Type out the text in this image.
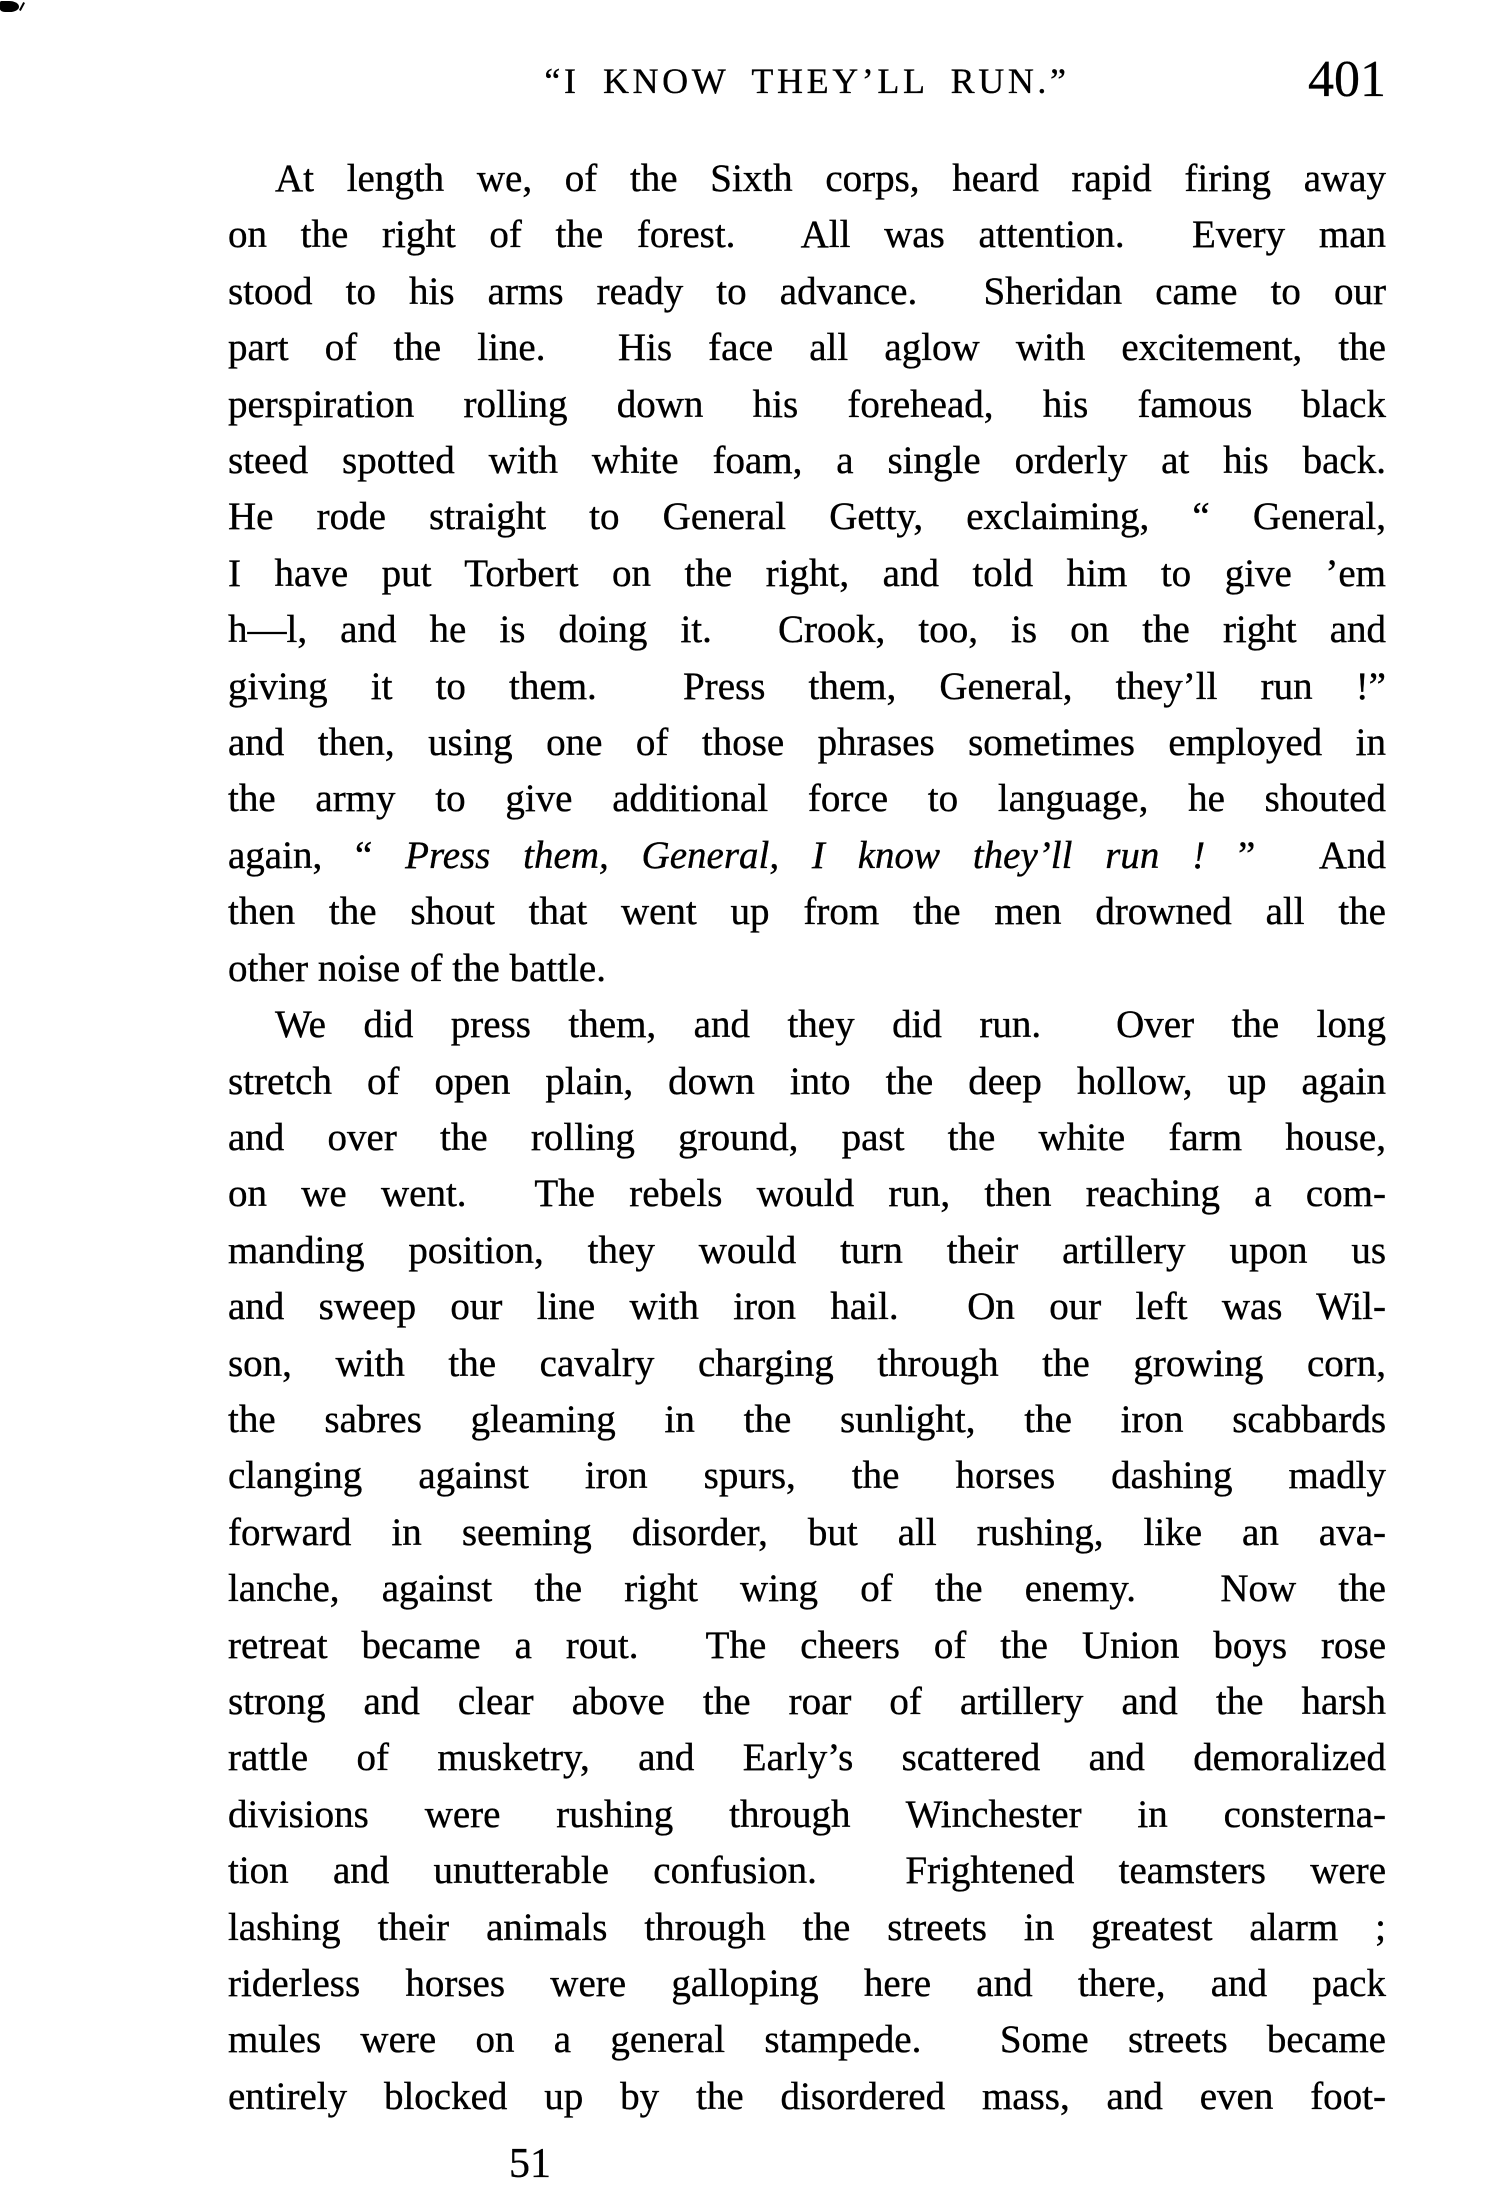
“I KNOW THEY’LL RUN.”	401
At length we, of the Sixth corps, heard rapid firing away
on the right of the forest.  All was attention.  Every man
stood to his arms ready to advance.  Sheridan came to our
part of the line.  His face all aglow with excitement, the
perspiration rolling down his forehead, his famous black
steed spotted with white foam, a single orderly at his back.
He rode straight to General Getty, exclaiming, “ General,
I have put Torbert on the right, and told him to give ’em
h—l, and he is doing it.  Crook, too, is on the right and
giving it to them.  Press them, General, they’ll run !”
and then, using one of those phrases sometimes employed in
the army to give additional force to language, he shouted
again, “ Press them, General, I know they’ll run ! ”  And
then the shout that went up from the men drowned all the
other noise of the battle.
We did press them, and they did run.  Over the long
stretch of open plain, down into the deep hollow, up again
and over the rolling ground, past the white farm house,
on we went.  The rebels would run, then reaching a com-
manding position, they would turn their artillery upon us
and sweep our line with iron hail.  On our left was Wil-
son, with the cavalry charging through the growing corn,
the sabres gleaming in the sunlight, the iron scabbards
clanging against iron spurs, the horses dashing madly
forward in seeming disorder, but all rushing, like an ava-
lanche, against the right wing of the enemy.  Now the
retreat became a rout.  The cheers of the Union boys rose
strong and clear above the roar of artillery and the harsh
rattle of musketry, and Early’s scattered and demoralized
divisions were rushing through Winchester in consterna-
tion and unutterable confusion.  Frightened teamsters were
lashing their animals through the streets in greatest alarm ;
riderless horses were galloping here and there, and pack
mules were on a general stampede.  Some streets became
entirely blocked up by the disordered mass, and even foot-
51
